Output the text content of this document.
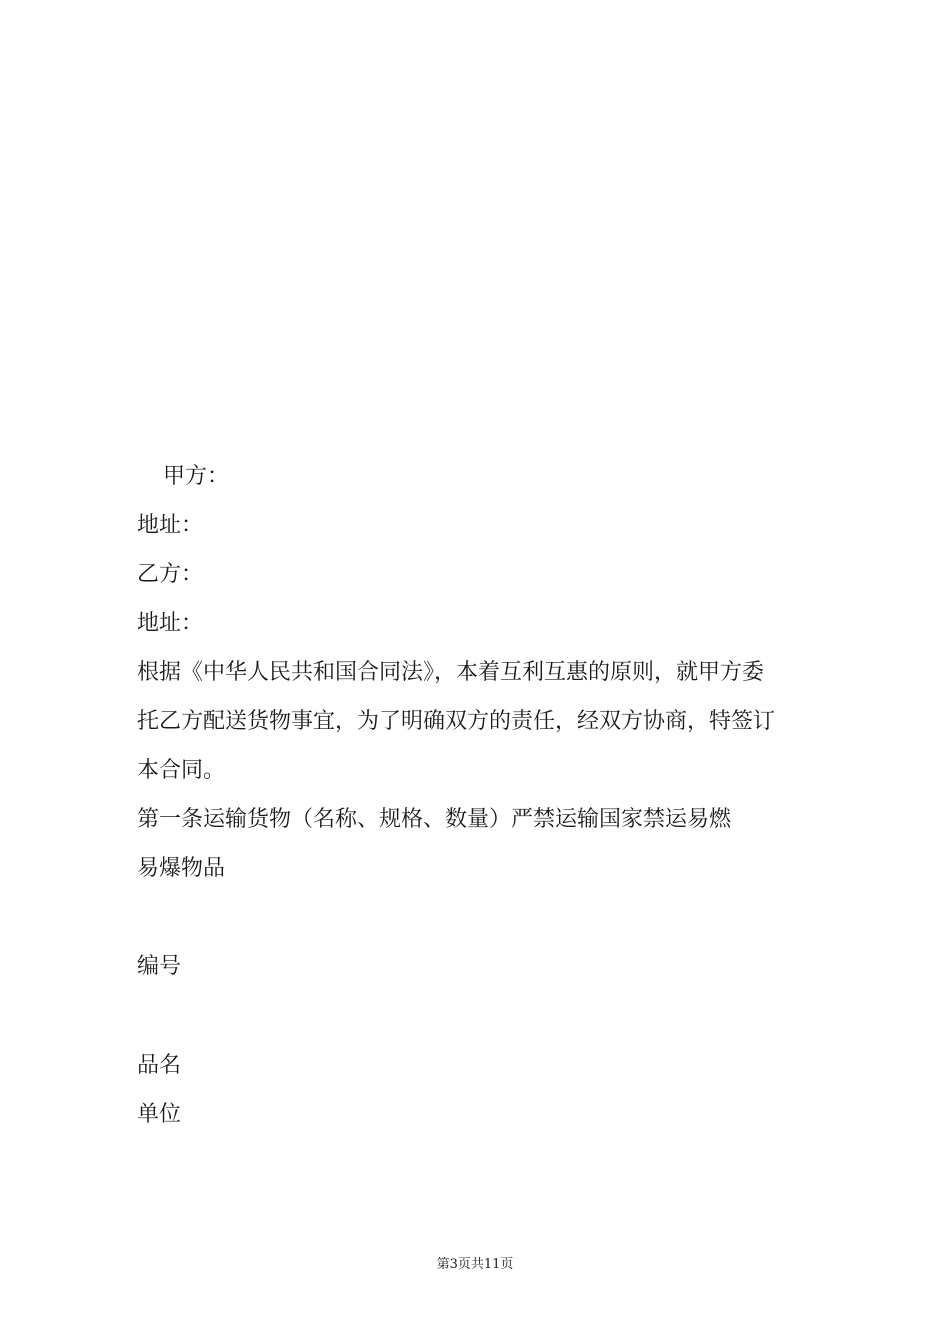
甲方：
地址：
乙方：
地址：
根据《中华人民共和国合同法》，本着互利互惠的原则，就甲方委
托乙方配送货物事宜，为了明确双方的责任，经双方协商，特签订
本合同。
第一条运输货物（名称、规格、数量）严禁运输国家禁运易燃
易爆物品
编号
品名
单位
第3页共11页
